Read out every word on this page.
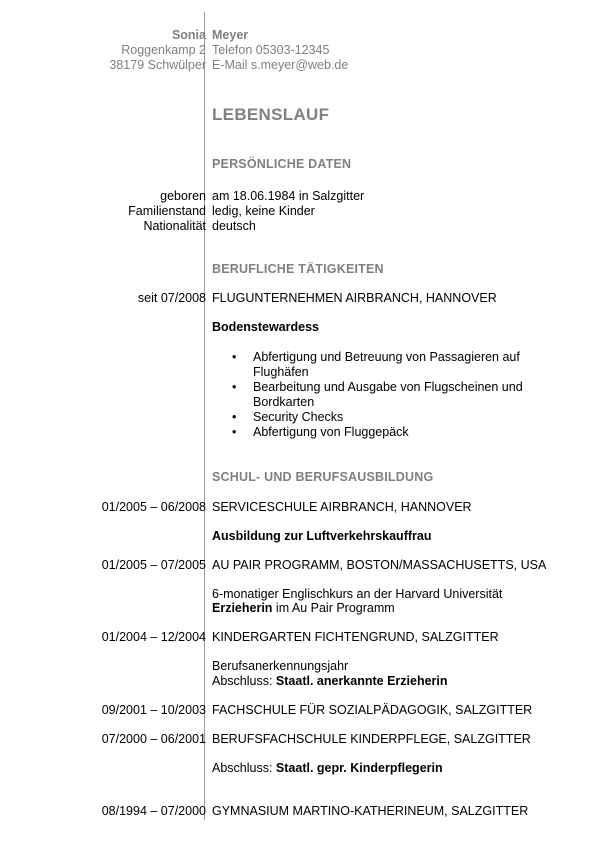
Sonia Meyer
Roggenkamp 2 Telefon 05303-12345
38179 Schwülper E-Mail s.meyer@web.de
LEBENSLAUF
PERSÖNLICHE DATEN
geboren am 18.06.1984 in Salzgitter
Familienstand ledig, keine Kinder
Nationalität deutsch
BERUFLICHE TÄTIGKEITEN
seit 07/2008 FLUGUNTERNEHMEN AIRBRANCH, HANNOVER
Bodenstewardess
• Abfertigung und Betreuung von Passagieren auf Flughäfen
• Bearbeitung und Ausgabe von Flugscheinen und Bordkarten
• Security Checks
• Abfertigung von Fluggepäck
SCHUL- UND BERUFSAUSBILDUNG
01/2005 – 06/2008 SERVICESCHULE AIRBRANCH, HANNOVER
Ausbildung zur Luftverkehrskauffrau
01/2005 – 07/2005 AU PAIR PROGRAMM, BOSTON/MASSACHUSETTS, USA
6-monatiger Englischkurs an der Harvard Universität
Erzieherin im Au Pair Programm
01/2004 – 12/2004 KINDERGARTEN FICHTENGRUND, SALZGITTER
Berufsanerkennungsjahr
Abschluss: Staatl. anerkannte Erzieherin
09/2001 – 10/2003 FACHSCHULE FÜR SOZIALPÄDAGOGIK, SALZGITTER
07/2000 – 06/2001 BERUFSFACHSCHULE KINDERPFLEGE, SALZGITTER
Abschluss: Staatl. gepr. Kinderpflegerin
08/1994 – 07/2000 GYMNASIUM MARTINO-KATHERINEUM, SALZGITTER
